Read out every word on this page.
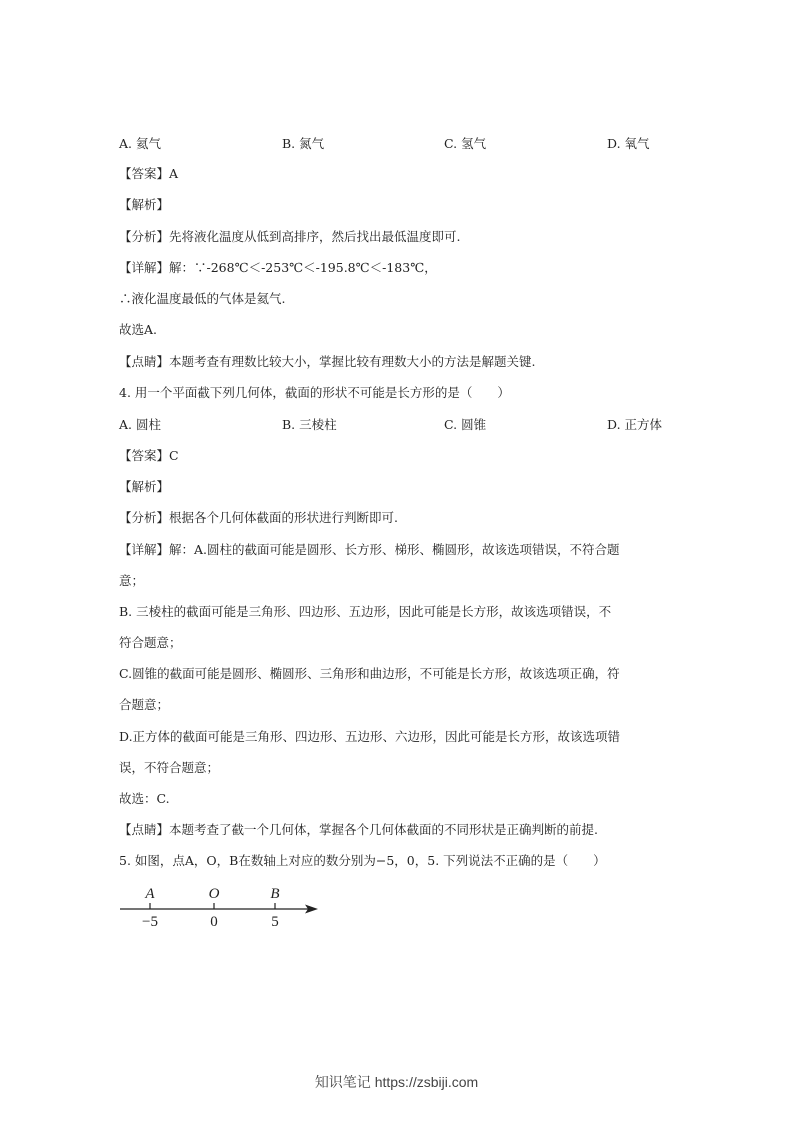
A. 氦气	B. 氮气	C. 氢气	D. 氧气
【答案】A
【解析】
【分析】先将液化温度从低到高排序，然后找出最低温度即可.
【详解】解：∵-268℃＜-253℃＜-195.8℃＜-183℃，
∴液化温度最低的气体是氦气.
故选A.
【点睛】本题考查有理数比较大小，掌握比较有理数大小的方法是解题关键.
4. 用一个平面截下列几何体，截面的形状不可能是长方形的是（　　）
A. 圆柱	B. 三棱柱	C. 圆锥	D. 正方体
【答案】C
【解析】
【分析】根据各个几何体截面的形状进行判断即可.
【详解】解：A.圆柱的截面可能是圆形、长方形、梯形、椭圆形，故该选项错误，不符合题
意；
B. 三棱柱的截面可能是三角形、四边形、五边形，因此可能是长方形，故该选项错误，不
符合题意；
C.圆锥的截面可能是圆形、椭圆形、三角形和曲边形，不可能是长方形，故该选项正确，符
合题意；
D.正方体的截面可能是三角形、四边形、五边形、六边形，因此可能是长方形，故该选项错
误，不符合题意；
故选：C.
【点睛】本题考查了截一个几何体，掌握各个几何体截面的不同形状是正确判断的前提.
5. 如图，点A，O，B在数轴上对应的数分别为−5，0，5. 下列说法不正确的是（　　）
A	O	B
−5	0	5
知识笔记 https://zsbiji.com
